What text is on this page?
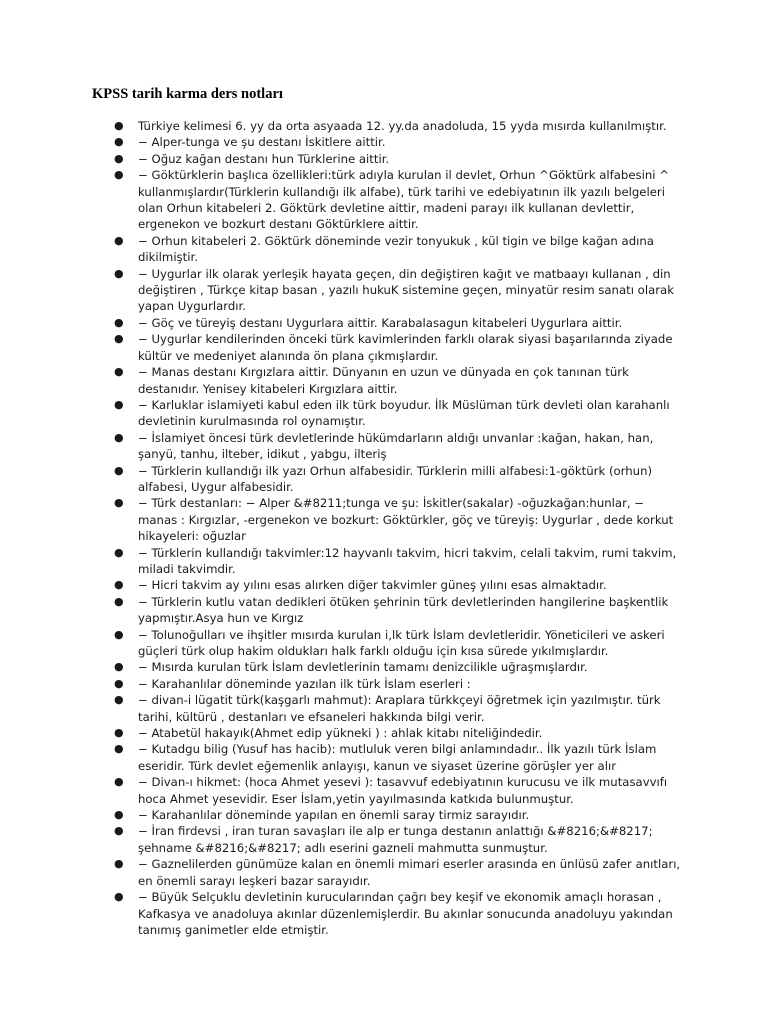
KPSS tarih karma ders notları
● Türkiye kelimesi 6. yy da orta asyaada 12. yy.da anadoluda, 15 yyda mısırda kullanılmıştır.
● − Alper-tunga ve şu destanı İskitlere aittir.
● − Oğuz kağan destanı hun Türklerine aittir.
● − Göktürklerin başlıca özellikleri:türk adıyla kurulan il devlet, Orhun ^Göktürk alfabesini ^ kullanmışlardır(Türklerin kullandığı ilk alfabe), türk tarihi ve edebiyatının ilk yazılı belgeleri olan Orhun kitabeleri 2. Göktürk devletine aittir, madeni parayı ilk kullanan devlettir, ergenekon ve bozkurt destanı Göktürklere aittir.
● − Orhun kitabeleri 2. Göktürk döneminde vezir tonyukuk , kül tigin ve bilge kağan adına dikilmiştir.
● − Uygurlar ilk olarak yerleşik hayata geçen, din değiştiren kağıt ve matbaayı kullanan , din değiştiren , Türkçe kitap basan , yazılı hukuK sistemine geçen, minyatür resim sanatı olarak yapan Uygurlardır.
● − Göç ve türeyiş destanı Uygurlara aittir. Karabalasagun kitabeleri Uygurlara aittir.
● − Uygurlar kendilerinden önceki türk kavimlerinden farklı olarak siyasi başarılarında ziyade kültür ve medeniyet alanında ön plana çıkmışlardır.
● − Manas destanı Kırgızlara aittir. Dünyanın en uzun ve dünyada en çok tanınan türk destanıdır. Yenisey kitabeleri Kırgızlara aittir.
● − Karluklar islamiyeti kabul eden ilk türk boyudur. İlk Müslüman türk devleti olan karahanlı devletinin kurulmasında rol oynamıştır.
● − İslamiyet öncesi türk devletlerinde hükümdarların aldığı unvanlar :kağan, hakan, han, şanyü, tanhu, ilteber, idikut , yabgu, ilteriş
● − Türklerin kullandığı ilk yazı Orhun alfabesidir. Türklerin milli alfabesi:1-göktürk (orhun) alfabesi, Uygur alfabesidir.
● − Türk destanları: − Alper &#8211;tunga ve şu: İskitler(sakalar) -oğuzkağan:hunlar, − manas : Kırgızlar, -ergenekon ve bozkurt: Göktürkler, göç ve türeyiş: Uygurlar , dede korkut hikayeleri: oğuzlar
● − Türklerin kullandığı takvimler:12 hayvanlı takvim, hicri takvim, celali takvim, rumi takvim, miladi takvimdir.
● − Hicri takvim ay yılını esas alırken diğer takvimler güneş yılını esas almaktadır.
● − Türklerin kutlu vatan dedikleri ötüken şehrinin türk devletlerinden hangilerine başkentlik yapmıştır.Asya hun ve Kırgız
● − Tolunoğulları ve ihşitler mısırda kurulan i,lk türk İslam devletleridir. Yöneticileri ve askeri güçleri türk olup hakim oldukları halk farklı olduğu için kısa sürede yıkılmışlardır.
● − Mısırda kurulan türk İslam devletlerinin tamamı denizcilikle uğraşmışlardır.
● − Karahanlılar döneminde yazılan ilk türk İslam eserleri :
● − divan-i lügatit türk(kaşgarlı mahmut): Araplara türkkçeyi öğretmek için yazılmıştır. türk tarihi, kültürü , destanları ve efsaneleri hakkında bilgi verir.
● − Atabetül hakayık(Ahmet edip yükneki ) : ahlak kitabı niteliğindedir.
● − Kutadgu bilig (Yusuf has hacib): mutluluk veren bilgi anlamındadır.. İlk yazılı türk İslam eseridir. Türk devlet eğemenlik anlayışı, kanun ve siyaset üzerine görüşler yer alır
● − Divan-ı hikmet: (hoca Ahmet yesevi ): tasavvuf edebiyatının kurucusu ve ilk mutasavvıfı hoca Ahmet yesevidir. Eser İslam,yetin yayılmasında katkıda bulunmuştur.
● − Karahanlılar döneminde yapılan en önemli saray tirmiz sarayıdır.
● − İran firdevsi , iran turan savaşları ile alp er tunga destanın anlattığı &#8216;&#8217; şehname &#8216;&#8217; adlı eserini gazneli mahmutta sunmuştur.
● − Gaznelilerden günümüze kalan en önemli mimari eserler arasında en ünlüsü zafer anıtları, en önemli sarayı leşkeri bazar sarayıdır.
● − Büyük Selçuklu devletinin kurucularından çağrı bey keşif ve ekonomik amaçlı horasan , Kafkasya ve anadoluya akınlar düzenlemişlerdir. Bu akınlar sonucunda anadoluyu yakından tanımış ganimetler elde etmiştir.
